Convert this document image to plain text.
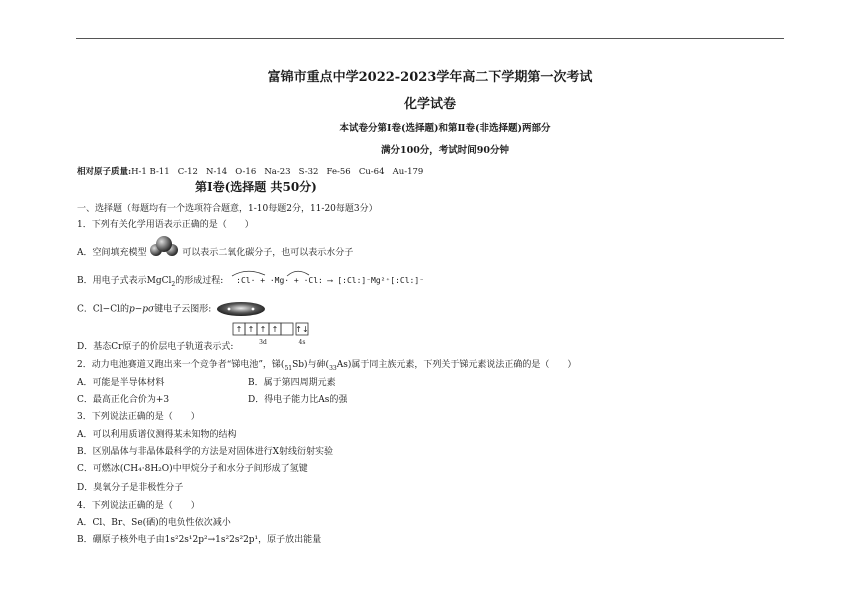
富锦市重点中学2022-2023学年高二下学期第一次考试
化学试卷
本试卷分第Ⅰ卷(选择题)和第Ⅱ卷(非选择题)两部分
满分100分，考试时间90分钟
相对原子质量:H-1 B-11   C-12   N-14   O-16   Na-23   S-32   Fe-56   Cu-64   Au-179
第Ⅰ卷(选择题 共50分)
一、选择题（每题均有一个选项符合题意，1-10每题2分，11-20每题3分）
1．下列有关化学用语表示正确的是（　　）
A．空间填充模型	可以表示二氧化碳分子，也可以表示水分子
B．用电子式表示MgCl$_2$的形成过程: :Cl· + ·Mg· + ·Cl: ⟶ [:Cl:]⁻Mg²⁺[:Cl:]⁻
C．Cl−Cl的p−pσ键电子云图形:
↑ ↑ ↑ ↑ ↑↓
3d	4s
D．基态Cr原子的价层电子轨道表示式:
2．动力电池赛道又跑出来一个竞争者“锑电池”，锑$(_{51}Sb)$与砷$(_{33}As)$属于同主族元素，下列关于锑元素说法正确的是（　　）
A．可能是半导体材料	B．属于第四周期元素
C．最高正化合价为+3	D．得电子能力比As的强
3．下列说法正确的是（　　）
A．可以利用质谱仪测得某未知物的结构
B．区别晶体与非晶体最科学的方法是对固体进行X射线衍射实验
C．可燃冰(CH₄·8H₂O)中甲烷分子和水分子间形成了氢键
D．臭氧分子是非极性分子
4．下列说法正确的是（　　）
A．Cl、Br、Se(硒)的电负性依次减小
B．硼原子核外电子由1s²2s¹2p²→1s²2s²2p¹，原子放出能量
